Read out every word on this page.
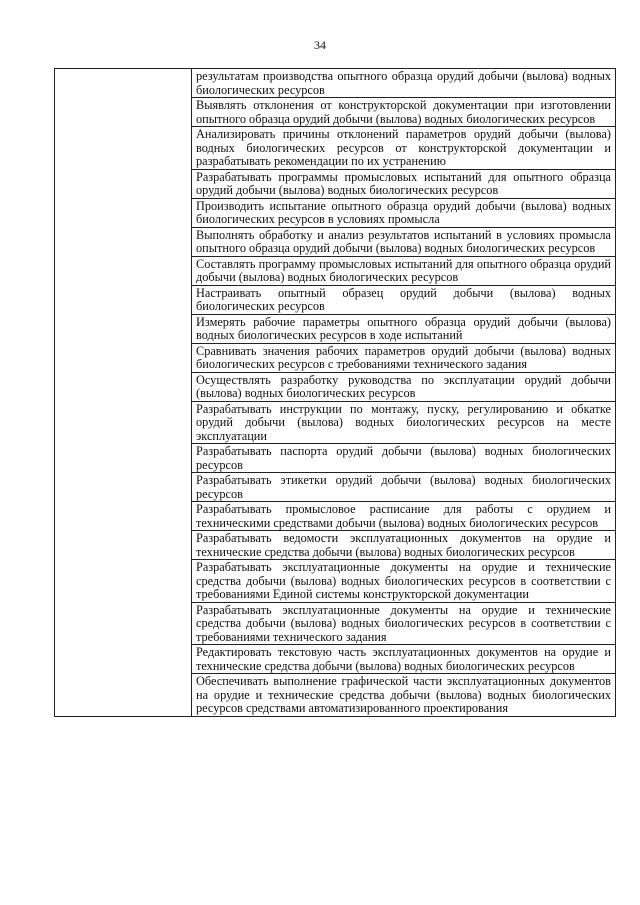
34
	результатам производства опытного образца орудий добычи (вылова) водных биологических ресурсов
Выявлять отклонения от конструкторской документации при изготовлении опытного образца орудий добычи (вылова) водных биологических ресурсов
Анализировать причины отклонений параметров орудий добычи (вылова) водных биологических ресурсов от конструкторской документации и разрабатывать рекомендации по их устранению
Разрабатывать программы промысловых испытаний для опытного образца орудий добычи (вылова) водных биологических ресурсов
Производить испытание опытного образца орудий добычи (вылова) водных биологических ресурсов в условиях промысла
Выполнять обработку и анализ результатов испытаний в условиях промысла опытного образца орудий добычи (вылова) водных биологических ресурсов
Составлять программу промысловых испытаний для опытного образца орудий добычи (вылова) водных биологических ресурсов
Настраивать опытный образец орудий добычи (вылова) водных биологических ресурсов
Измерять рабочие параметры опытного образца орудий добычи (вылова) водных биологических ресурсов в ходе испытаний
Сравнивать значения рабочих параметров орудий добычи (вылова) водных биологических ресурсов с требованиями технического задания
Осуществлять разработку руководства по эксплуатации орудий добычи (вылова) водных биологических ресурсов
Разрабатывать инструкции по монтажу, пуску, регулированию и обкатке орудий добычи (вылова) водных биологических ресурсов на месте эксплуатации
Разрабатывать паспорта орудий добычи (вылова) водных биологических ресурсов
Разрабатывать этикетки орудий добычи (вылова) водных биологических ресурсов
Разрабатывать промысловое расписание для работы с орудием и техническими средствами добычи (вылова) водных биологических ресурсов
Разрабатывать ведомости эксплуатационных документов на орудие и технические средства добычи (вылова) водных биологических ресурсов
Разрабатывать эксплуатационные документы на орудие и технические средства добычи (вылова) водных биологических ресурсов в соответствии с требованиями Единой системы конструкторской документации
Разрабатывать эксплуатационные документы на орудие и технические средства добычи (вылова) водных биологических ресурсов в соответствии с требованиями технического задания
Редактировать текстовую часть эксплуатационных документов на орудие и технические средства добычи (вылова) водных биологических ресурсов
Обеспечивать выполнение графической части эксплуатационных документов на орудие и технические средства добычи (вылова) водных биологических ресурсов средствами автоматизированного проектирования
